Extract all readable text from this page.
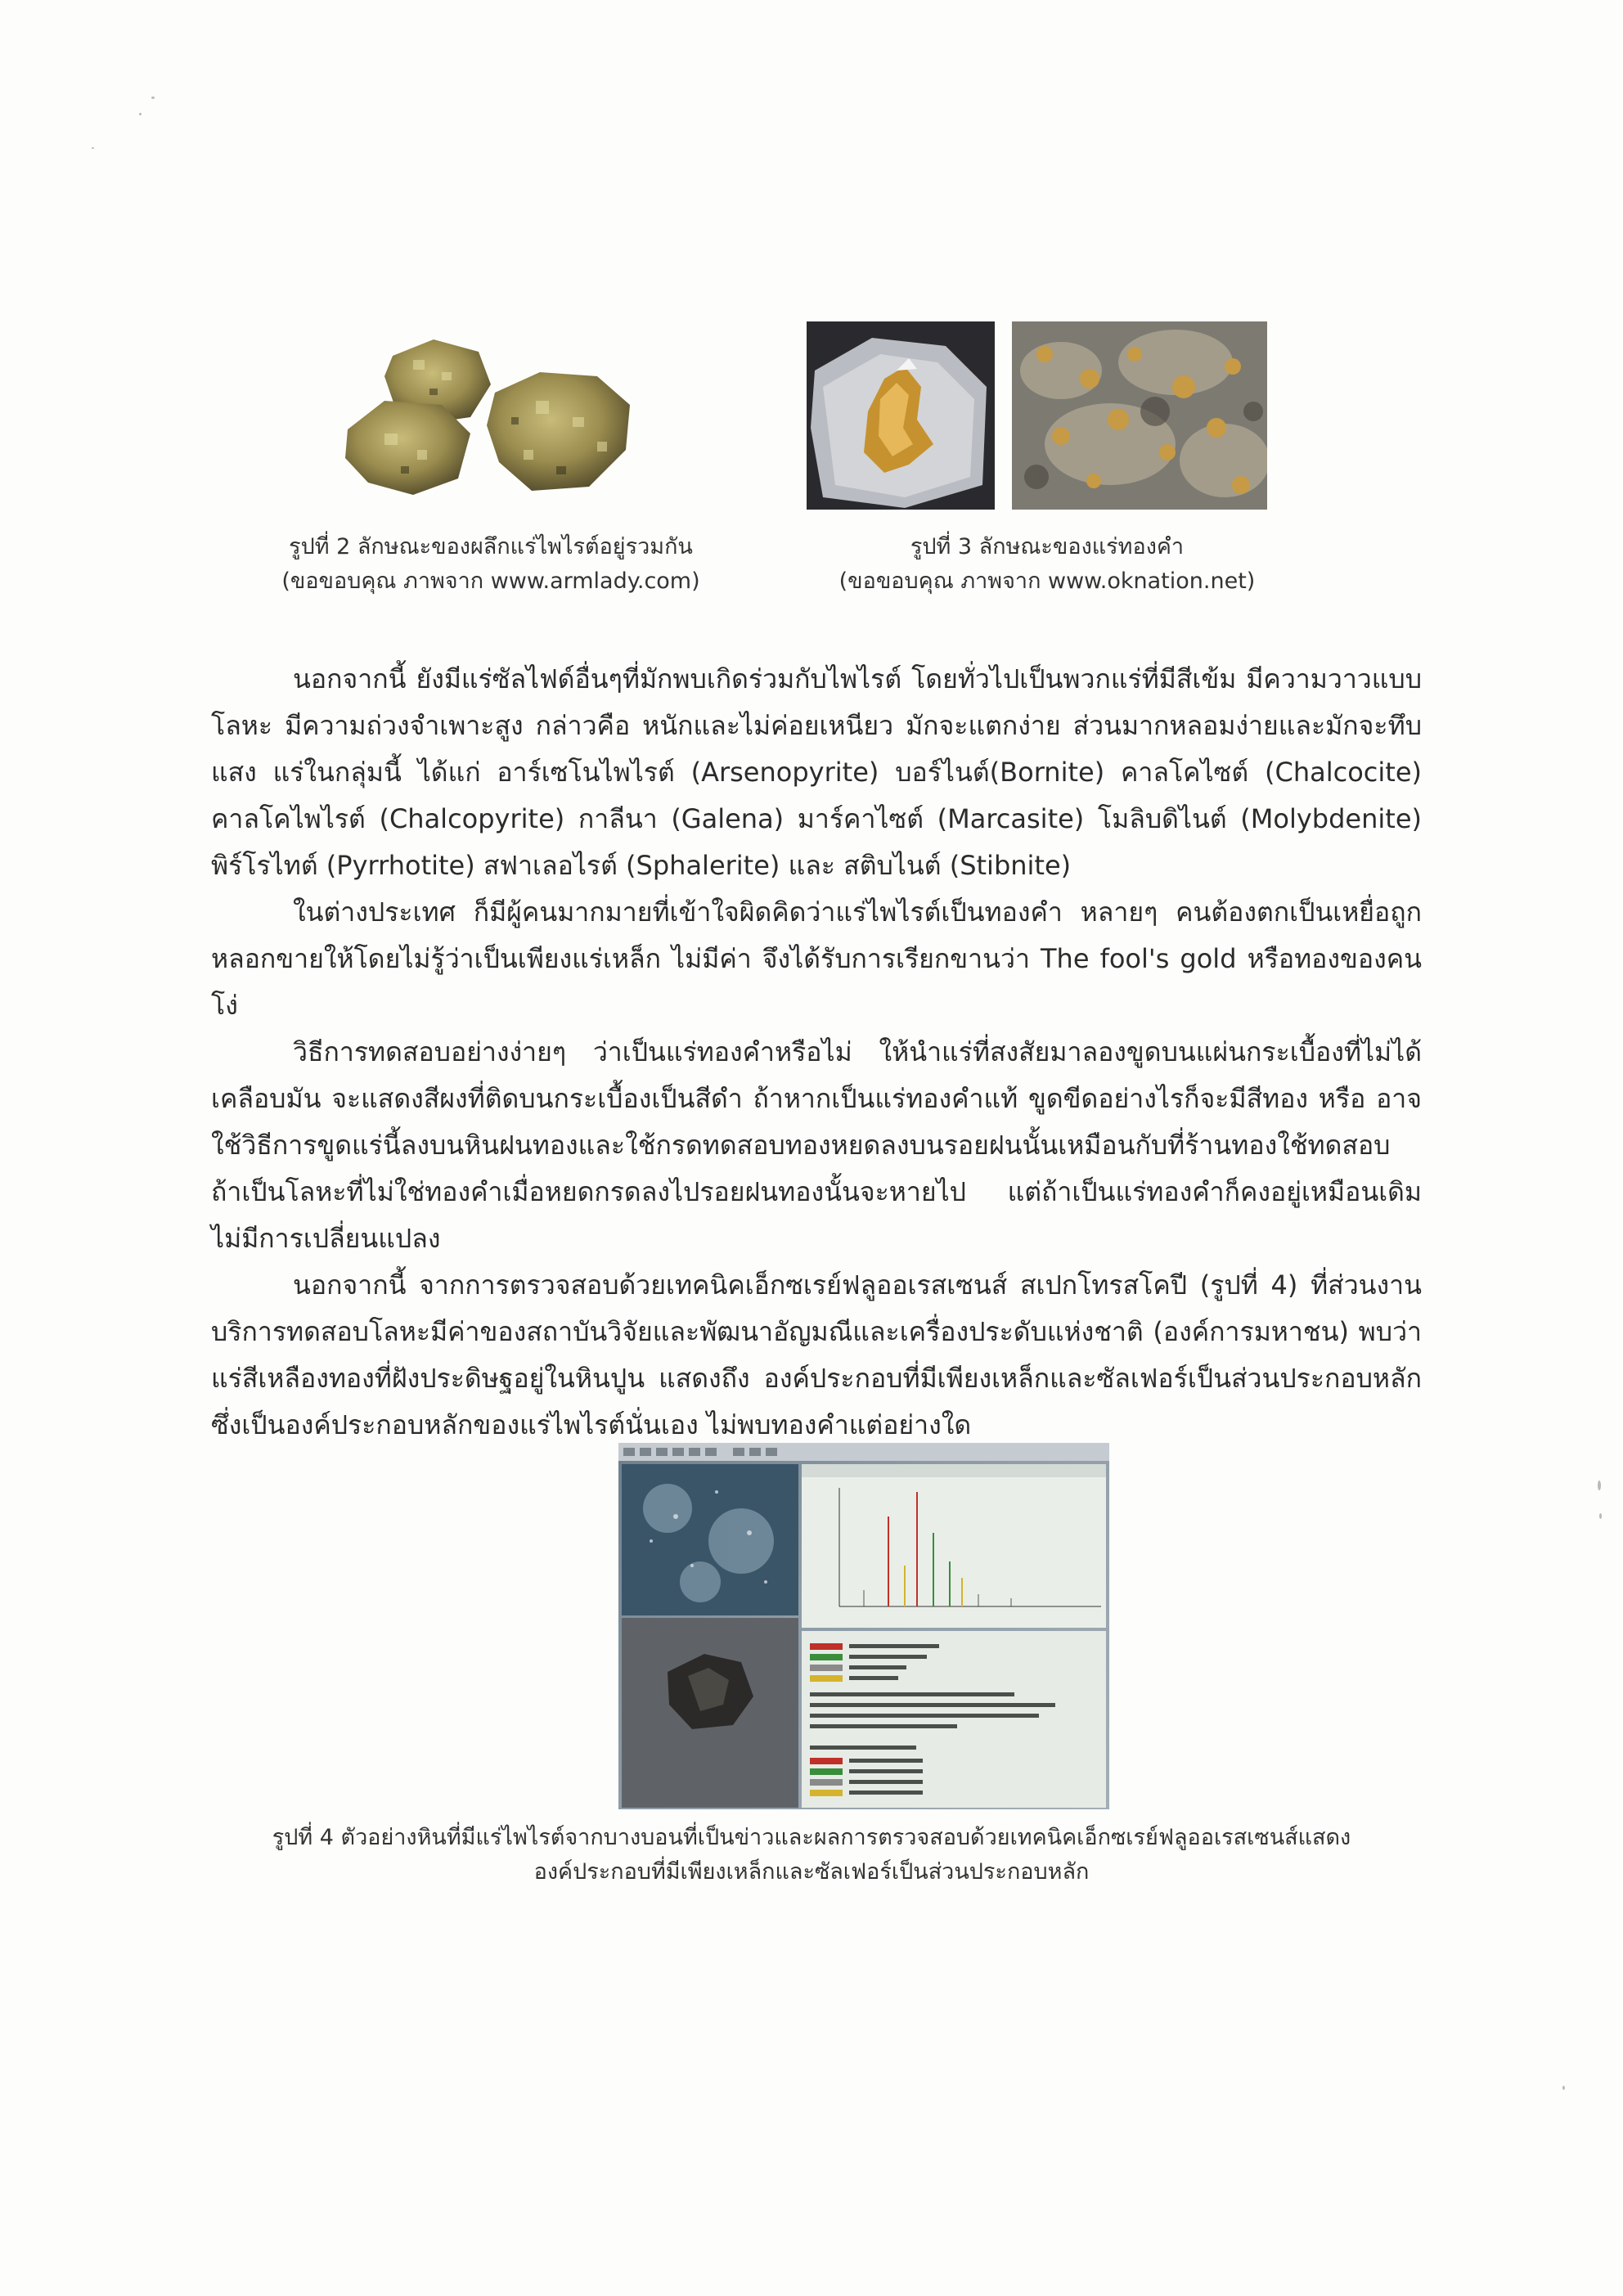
รูปที่ 2 ลักษณะของผลึกแร่ไพไรต์อยู่รวมกัน
(ขอขอบคุณ ภาพจาก www.armlady.com)
รูปที่ 3 ลักษณะของแร่ทองคำ
(ขอขอบคุณ ภาพจาก www.oknation.net)

นอกจากนี้ ยังมีแร่ซัลไฟด์อื่นๆที่มักพบเกิดร่วมกับไพไรต์ โดยทั่วไปเป็นพวกแร่ที่มีสีเข้ม มีความวาวแบบโลหะ มีความถ่วงจำเพาะสูง กล่าวคือ หนักและไม่ค่อยเหนียว มักจะแตกง่าย ส่วนมากหลอมง่ายและมักจะทึบแสง แร่ในกลุ่มนี้ ได้แก่ อาร์เซโนไพไรต์ (Arsenopyrite) บอร์ไนต์(Bornite) คาลโคไซต์ (Chalcocite) คาลโคไพไรต์ (Chalcopyrite) กาลีนา (Galena) มาร์คาไซต์ (Marcasite) โมลิบดิไนต์ (Molybdenite) พิร์โรไทต์ (Pyrrhotite) สฟาเลอไรต์ (Sphalerite) และ สติบไนต์ (Stibnite)

ในต่างประเทศ ก็มีผู้คนมากมายที่เข้าใจผิดคิดว่าแร่ไพไรต์เป็นทองคำ หลายๆ คนต้องตกเป็นเหยื่อถูกหลอกขายให้โดยไม่รู้ว่าเป็นเพียงแร่เหล็ก ไม่มีค่า จึงได้รับการเรียกขานว่า The fool's gold หรือทองของคนโง่

วิธีการทดสอบอย่างง่ายๆ ว่าเป็นแร่ทองคำหรือไม่ ให้นำแร่ที่สงสัยมาลองขูดบนแผ่นกระเบื้องที่ไม่ได้เคลือบมัน จะแสดงสีผงที่ติดบนกระเบื้องเป็นสีดำ ถ้าหากเป็นแร่ทองคำแท้ ขูดขีดอย่างไรก็จะมีสีทอง หรือ อาจใช้วิธีการขูดแร่นี้ลงบนหินฝนทองและใช้กรดทดสอบทองหยดลงบนรอยฝนนั้นเหมือนกับที่ร้านทองใช้ทดสอบ ถ้าเป็นโลหะที่ไม่ใช่ทองคำเมื่อหยดกรดลงไปรอยฝนทองนั้นจะหายไป แต่ถ้าเป็นแร่ทองคำก็คงอยู่เหมือนเดิมไม่มีการเปลี่ยนแปลง

นอกจากนี้ จากการตรวจสอบด้วยเทคนิคเอ็กซเรย์ฟลูออเรสเซนส์ สเปกโทรสโคปี (รูปที่ 4) ที่ส่วนงานบริการทดสอบโลหะมีค่าของสถาบันวิจัยและพัฒนาอัญมณีและเครื่องประดับแห่งชาติ (องค์การมหาชน) พบว่าแร่สีเหลืองทองที่ฝังประดิษฐอยู่ในหินปูน แสดงถึง องค์ประกอบที่มีเพียงเหล็กและซัลเฟอร์เป็นส่วนประกอบหลัก ซึ่งเป็นองค์ประกอบหลักของแร่ไพไรต์นั่นเอง ไม่พบทองคำแต่อย่างใด

รูปที่ 4 ตัวอย่างหินที่มีแร่ไพไรต์จากบางบอนที่เป็นข่าวและผลการตรวจสอบด้วยเทคนิคเอ็กซเรย์ฟลูออเรสเซนส์แสดง
องค์ประกอบที่มีเพียงเหล็กและซัลเฟอร์เป็นส่วนประกอบหลัก
